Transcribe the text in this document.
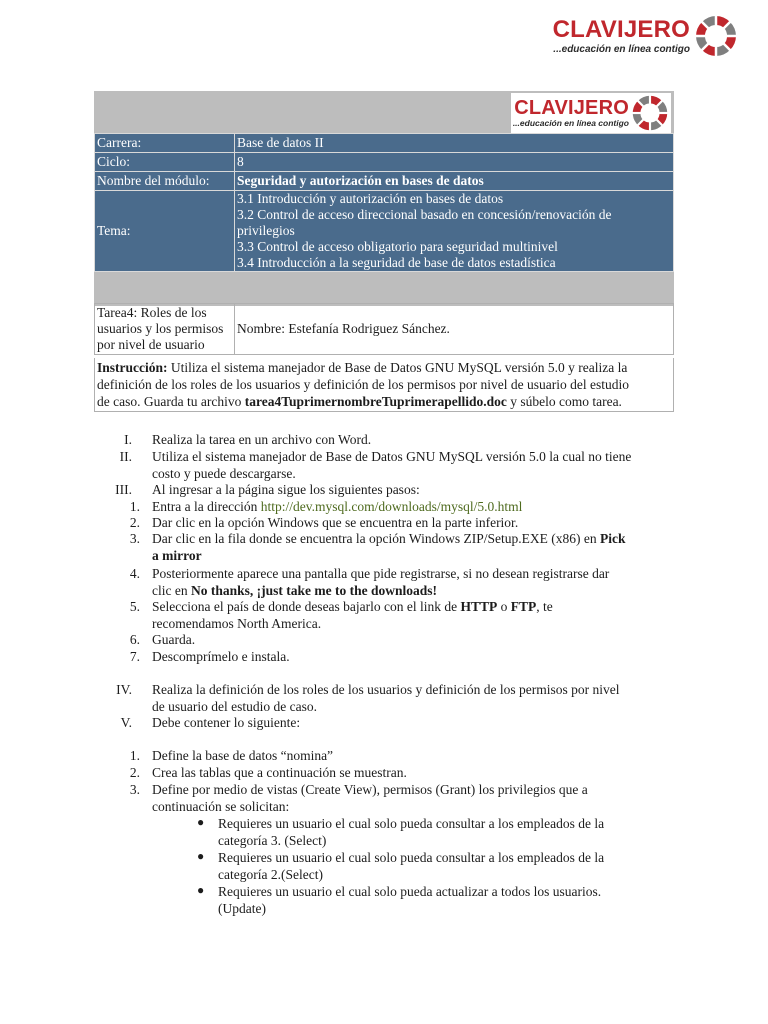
CLAVIJERO
...educación en línea contigo
CLAVIJERO
...educación en línea contigo
Carrera:	Base de datos II
Ciclo:	8
Nombre del módulo:	Seguridad y autorización en bases de datos
Tema:	3.1 Introducción y autorización en bases de datos
3.2 Control de acceso direccional basado en concesión/renovación de
privilegios
3.3 Control de acceso obligatorio para seguridad multinivel
3.4 Introducción a la seguridad de base de datos estadística
Tarea4: Roles de los
usuarios y los permisos
por nivel de usuario
	Nombre: Estefanía Rodriguez Sánchez.
Instrucción: Utiliza el sistema manejador de Base de Datos GNU MySQL versión 5.0 y realiza la
definición de los roles de los usuarios y definición de los permisos por nivel de usuario del estudio
de caso. Guarda tu archivo tarea4TuprimernombreTuprimerapellido.doc y súbelo como tarea.
I. Realiza la tarea en un archivo con Word.
II. Utiliza el sistema manejador de Base de Datos GNU MySQL versión 5.0 la cual no tiene
costo y puede descargarse.
III. Al ingresar a la página sigue los siguientes pasos:
1. Entra a la dirección http://dev.mysql.com/downloads/mysql/5.0.html
2. Dar clic en la opción Windows que se encuentra en la parte inferior.
3. Dar clic en la fila donde se encuentra la opción Windows ZIP/Setup.EXE (x86) en Pick
a mirror
4. Posteriormente aparece una pantalla que pide registrarse, si no desean registrarse dar
clic en No thanks, ¡just take me to the downloads!
5. Selecciona el país de donde deseas bajarlo con el link de HTTP o FTP, te
recomendamos North America.
6. Guarda.
7. Descomprímelo e instala.
IV. Realiza la definición de los roles de los usuarios y definición de los permisos por nivel
de usuario del estudio de caso.
V. Debe contener lo siguiente:
1. Define la base de datos “nomina”
2. Crea las tablas que a continuación se muestran.
3. Define por medio de vistas (Create View), permisos (Grant) los privilegios que a
continuación se solicitan:
● Requieres un usuario el cual solo pueda consultar a los empleados de la
categoría 3. (Select)
● Requieres un usuario el cual solo pueda consultar a los empleados de la
categoría 2.(Select)
● Requieres un usuario el cual solo pueda actualizar a todos los usuarios.
(Update)
